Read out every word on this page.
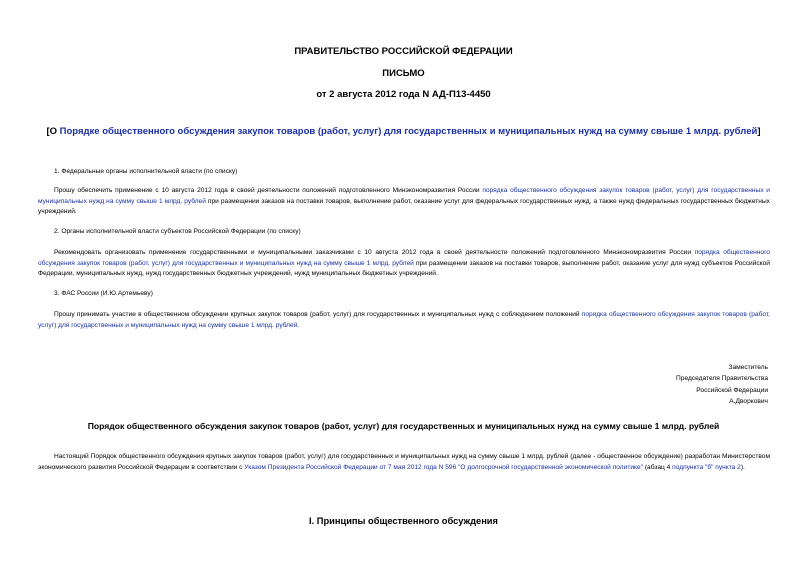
ПРАВИТЕЛЬСТВО РОССИЙСКОЙ ФЕДЕРАЦИИ
ПИСЬМО
от 2 августа 2012 года N АД-П13-4450
[О Порядке общественного обсуждения закупок товаров (работ, услуг) для государственных и муниципальных нужд на сумму свыше 1 млрд. рублей]
1. Федеральные органы исполнительной власти (по списку)
Прошу обеспечить применение с 10 августа 2012 года в своей деятельности положений подготовленного Минэкономразвития России порядка общественного обсуждения закупок товаров (работ, услуг) для государственных и муниципальных нужд на сумму свыше 1 млрд. рублей при размещении заказов на поставки товаров, выполнение работ, оказание услуг для федеральных государственных нужд, а также нужд федеральных государственных бюджетных учреждений.
2. Органы исполнительной власти субъектов Российской Федерации (по списку)
Рекомендовать организовать применение государственными и муниципальными заказчиками с 10 августа 2012 года в своей деятельности положений подготовленного Минэкономразвития России порядка общественного обсуждения закупок товаров (работ, услуг) для государственных и муниципальных нужд на сумму свыше 1 млрд. рублей при размещении заказов на поставки товаров, выполнение работ, оказание услуг для нужд субъектов Российской Федерации, муниципальных нужд, нужд государственных бюджетных учреждений, нужд муниципальных бюджетных учреждений.
3. ФАС России (И.Ю.Артемьеву)
Прошу принимать участие в общественном обсуждении крупных закупок товаров (работ, услуг) для государственных и муниципальных нужд с соблюдением положений порядка общественного обсуждения закупок товаров (работ, услуг) для государственных и муниципальных нужд на сумму свыше 1 млрд. рублей.
Заместитель
Председателя Правительства
Российской Федерации
А.Дворкович
Порядок общественного обсуждения закупок товаров (работ, услуг) для государственных и муниципальных нужд на сумму свыше 1 млрд. рублей
Настоящий Порядок общественного обсуждения крупных закупок товаров (работ, услуг) для государственных и муниципальных нужд на сумму свыше 1 млрд. рублей (далее - общественное обсуждение) разработан Министерством экономического развития Российской Федерации в соответствии с Указом Президента Российской Федерации от 7 мая 2012 года N 596 "О долгосрочной государственной экономической политике" (абзац 4 подпункта "б" пункта 2).
I. Принципы общественного обсуждения
